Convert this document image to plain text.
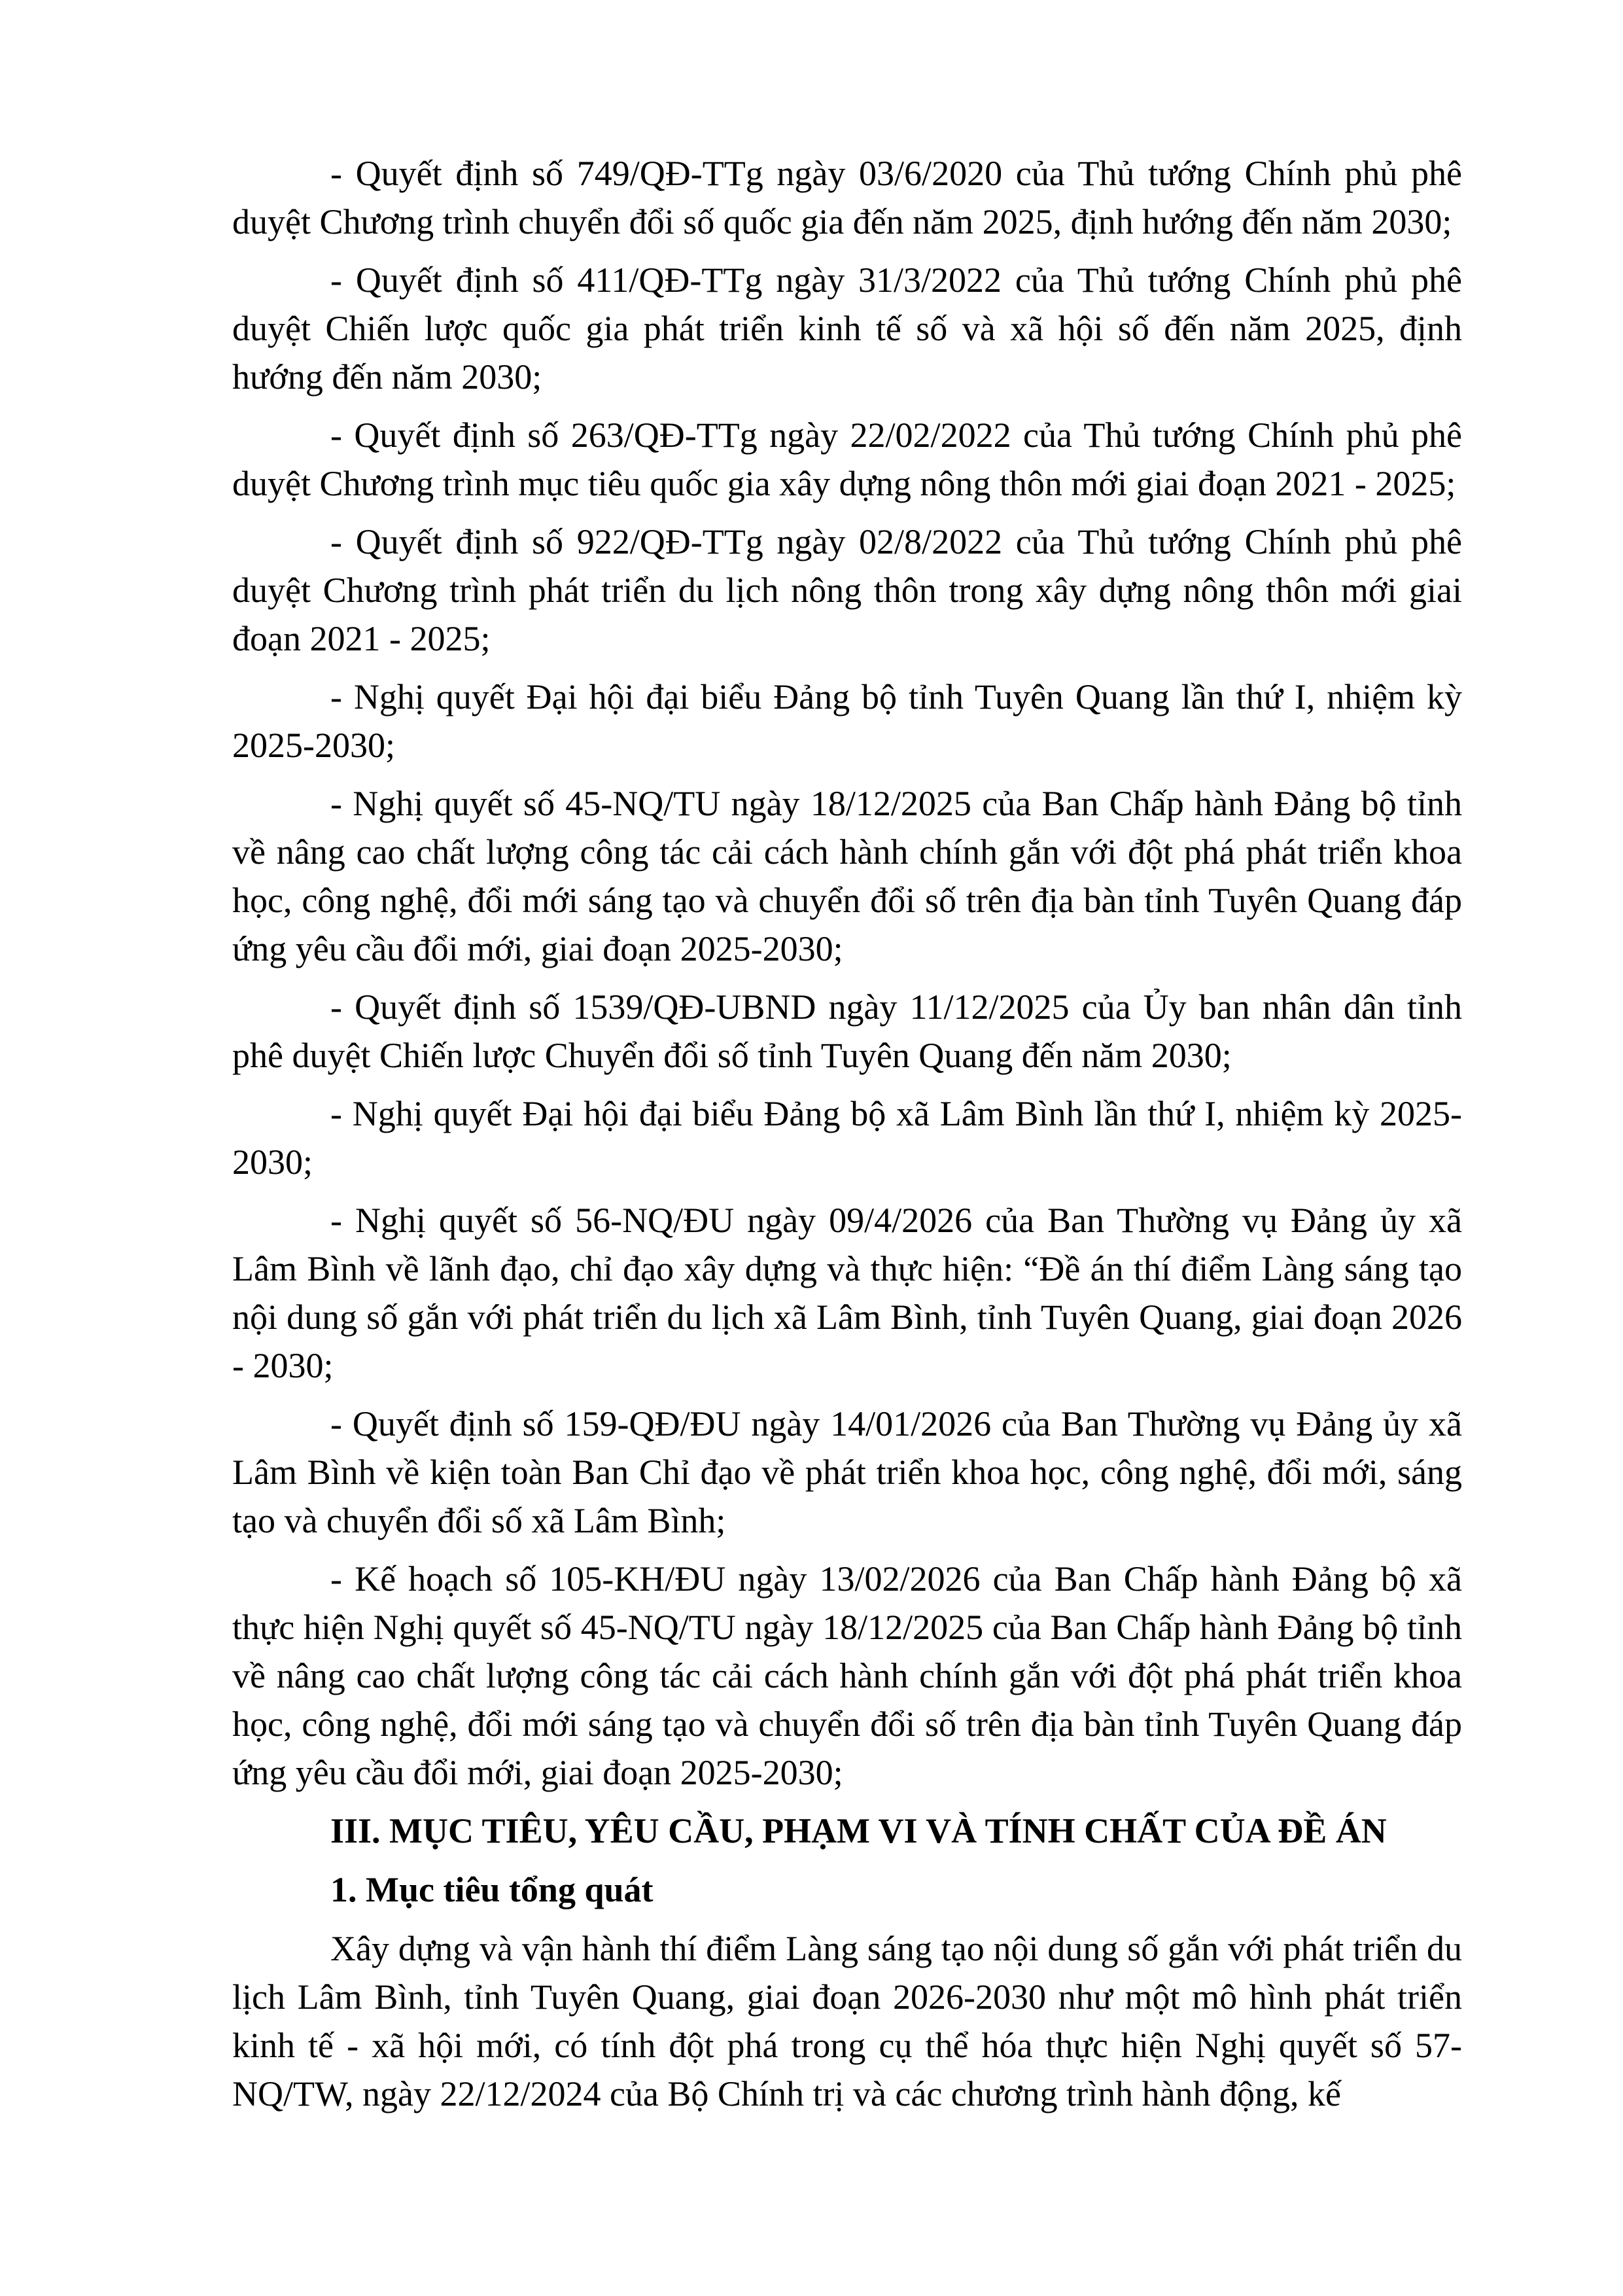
- Quyết định số 749/QĐ-TTg ngày 03/6/2020 của Thủ tướng Chính phủ phê duyệt Chương trình chuyển đổi số quốc gia đến năm 2025, định hướng đến năm 2030;

- Quyết định số 411/QĐ-TTg ngày 31/3/2022 của Thủ tướng Chính phủ phê duyệt Chiến lược quốc gia phát triển kinh tế số và xã hội số đến năm 2025, định hướng đến năm 2030;

- Quyết định số 263/QĐ-TTg ngày 22/02/2022 của Thủ tướng Chính phủ phê duyệt Chương trình mục tiêu quốc gia xây dựng nông thôn mới giai đoạn 2021 - 2025;

- Quyết định số 922/QĐ-TTg ngày 02/8/2022 của Thủ tướng Chính phủ phê duyệt Chương trình phát triển du lịch nông thôn trong xây dựng nông thôn mới giai đoạn 2021 - 2025;

- Nghị quyết Đại hội đại biểu Đảng bộ tỉnh Tuyên Quang lần thứ I, nhiệm kỳ 2025-2030;

- Nghị quyết số 45-NQ/TU ngày 18/12/2025 của Ban Chấp hành Đảng bộ tỉnh về nâng cao chất lượng công tác cải cách hành chính gắn với đột phá phát triển khoa học, công nghệ, đổi mới sáng tạo và chuyển đổi số trên địa bàn tỉnh Tuyên Quang đáp ứng yêu cầu đổi mới, giai đoạn 2025-2030;

- Quyết định số 1539/QĐ-UBND ngày 11/12/2025 của Ủy ban nhân dân tỉnh phê duyệt Chiến lược Chuyển đổi số tỉnh Tuyên Quang đến năm 2030;

- Nghị quyết Đại hội đại biểu Đảng bộ xã Lâm Bình lần thứ I, nhiệm kỳ 2025-2030;

- Nghị quyết số 56-NQ/ĐU ngày 09/4/2026 của Ban Thường vụ Đảng ủy xã Lâm Bình về lãnh đạo, chỉ đạo xây dựng và thực hiện: “Đề án thí điểm Làng sáng tạo nội dung số gắn với phát triển du lịch xã Lâm Bình, tỉnh Tuyên Quang, giai đoạn 2026 - 2030;

- Quyết định số 159-QĐ/ĐU ngày 14/01/2026 của Ban Thường vụ Đảng ủy xã Lâm Bình về kiện toàn Ban Chỉ đạo về phát triển khoa học, công nghệ, đổi mới, sáng tạo và chuyển đổi số xã Lâm Bình;

- Kế hoạch số 105-KH/ĐU ngày 13/02/2026 của Ban Chấp hành Đảng bộ xã thực hiện Nghị quyết số 45-NQ/TU ngày 18/12/2025 của Ban Chấp hành Đảng bộ tỉnh về nâng cao chất lượng công tác cải cách hành chính gắn với đột phá phát triển khoa học, công nghệ, đổi mới sáng tạo và chuyển đổi số trên địa bàn tỉnh Tuyên Quang đáp ứng yêu cầu đổi mới, giai đoạn 2025-2030;

III. MỤC TIÊU, YÊU CẦU, PHẠM VI VÀ TÍNH CHẤT CỦA ĐỀ ÁN

1. Mục tiêu tổng quát

Xây dựng và vận hành thí điểm Làng sáng tạo nội dung số gắn với phát triển du lịch Lâm Bình, tỉnh Tuyên Quang, giai đoạn 2026-2030 như một mô hình phát triển kinh tế - xã hội mới, có tính đột phá trong cụ thể hóa thực hiện Nghị quyết số 57-NQ/TW, ngày 22/12/2024 của Bộ Chính trị và các chương trình hành động, kế
